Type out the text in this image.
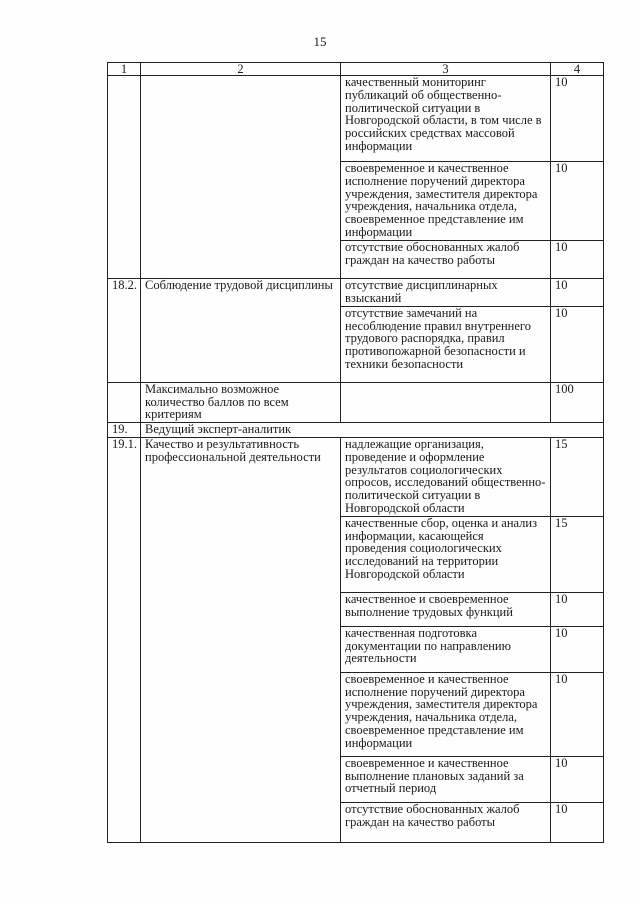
15
1	2	3	4

		качественный мониторинг публикаций об общественно-политической ситуации в Новгородской области, в том числе в российских средствах массовой информации	10

		своевременное и качественное исполнение поручений директора учреждения, заместителя директора учреждения, начальника отдела, своевременное представление им информации	10

		отсутствие обоснованных жалоб граждан на качество работы	10
18.2.	Соблюдение трудовой дисциплины	отсутствие дисциплинарных взысканий	10

		отсутствие замечаний на несоблюдение правил внутреннего трудового распорядка, правил противопожарной безопасности и техники безопасности	10
	Максимально возможное количество баллов по всем критериям		100
19.	Ведущий эксперт-аналитик		
19.1.	Качество и результативность профессиональной деятельности	надлежащие организация, проведение и оформление результатов социологических опросов, исследований общественно-политической ситуации в Новгородской области	15

		качественные сбор, оценка и анализ информации, касающейся проведения социологических исследований на территории Новгородской области	15

		качественное и своевременное выполнение трудовых функций	10

		качественная подготовка документации по направлению деятельности	10

		своевременное и качественное исполнение поручений директора учреждения, заместителя директора учреждения, начальника отдела, своевременное представление им информации	10

		своевременное и качественное выполнение плановых заданий за отчетный период	10

		отсутствие обоснованных жалоб граждан на качество работы	10
